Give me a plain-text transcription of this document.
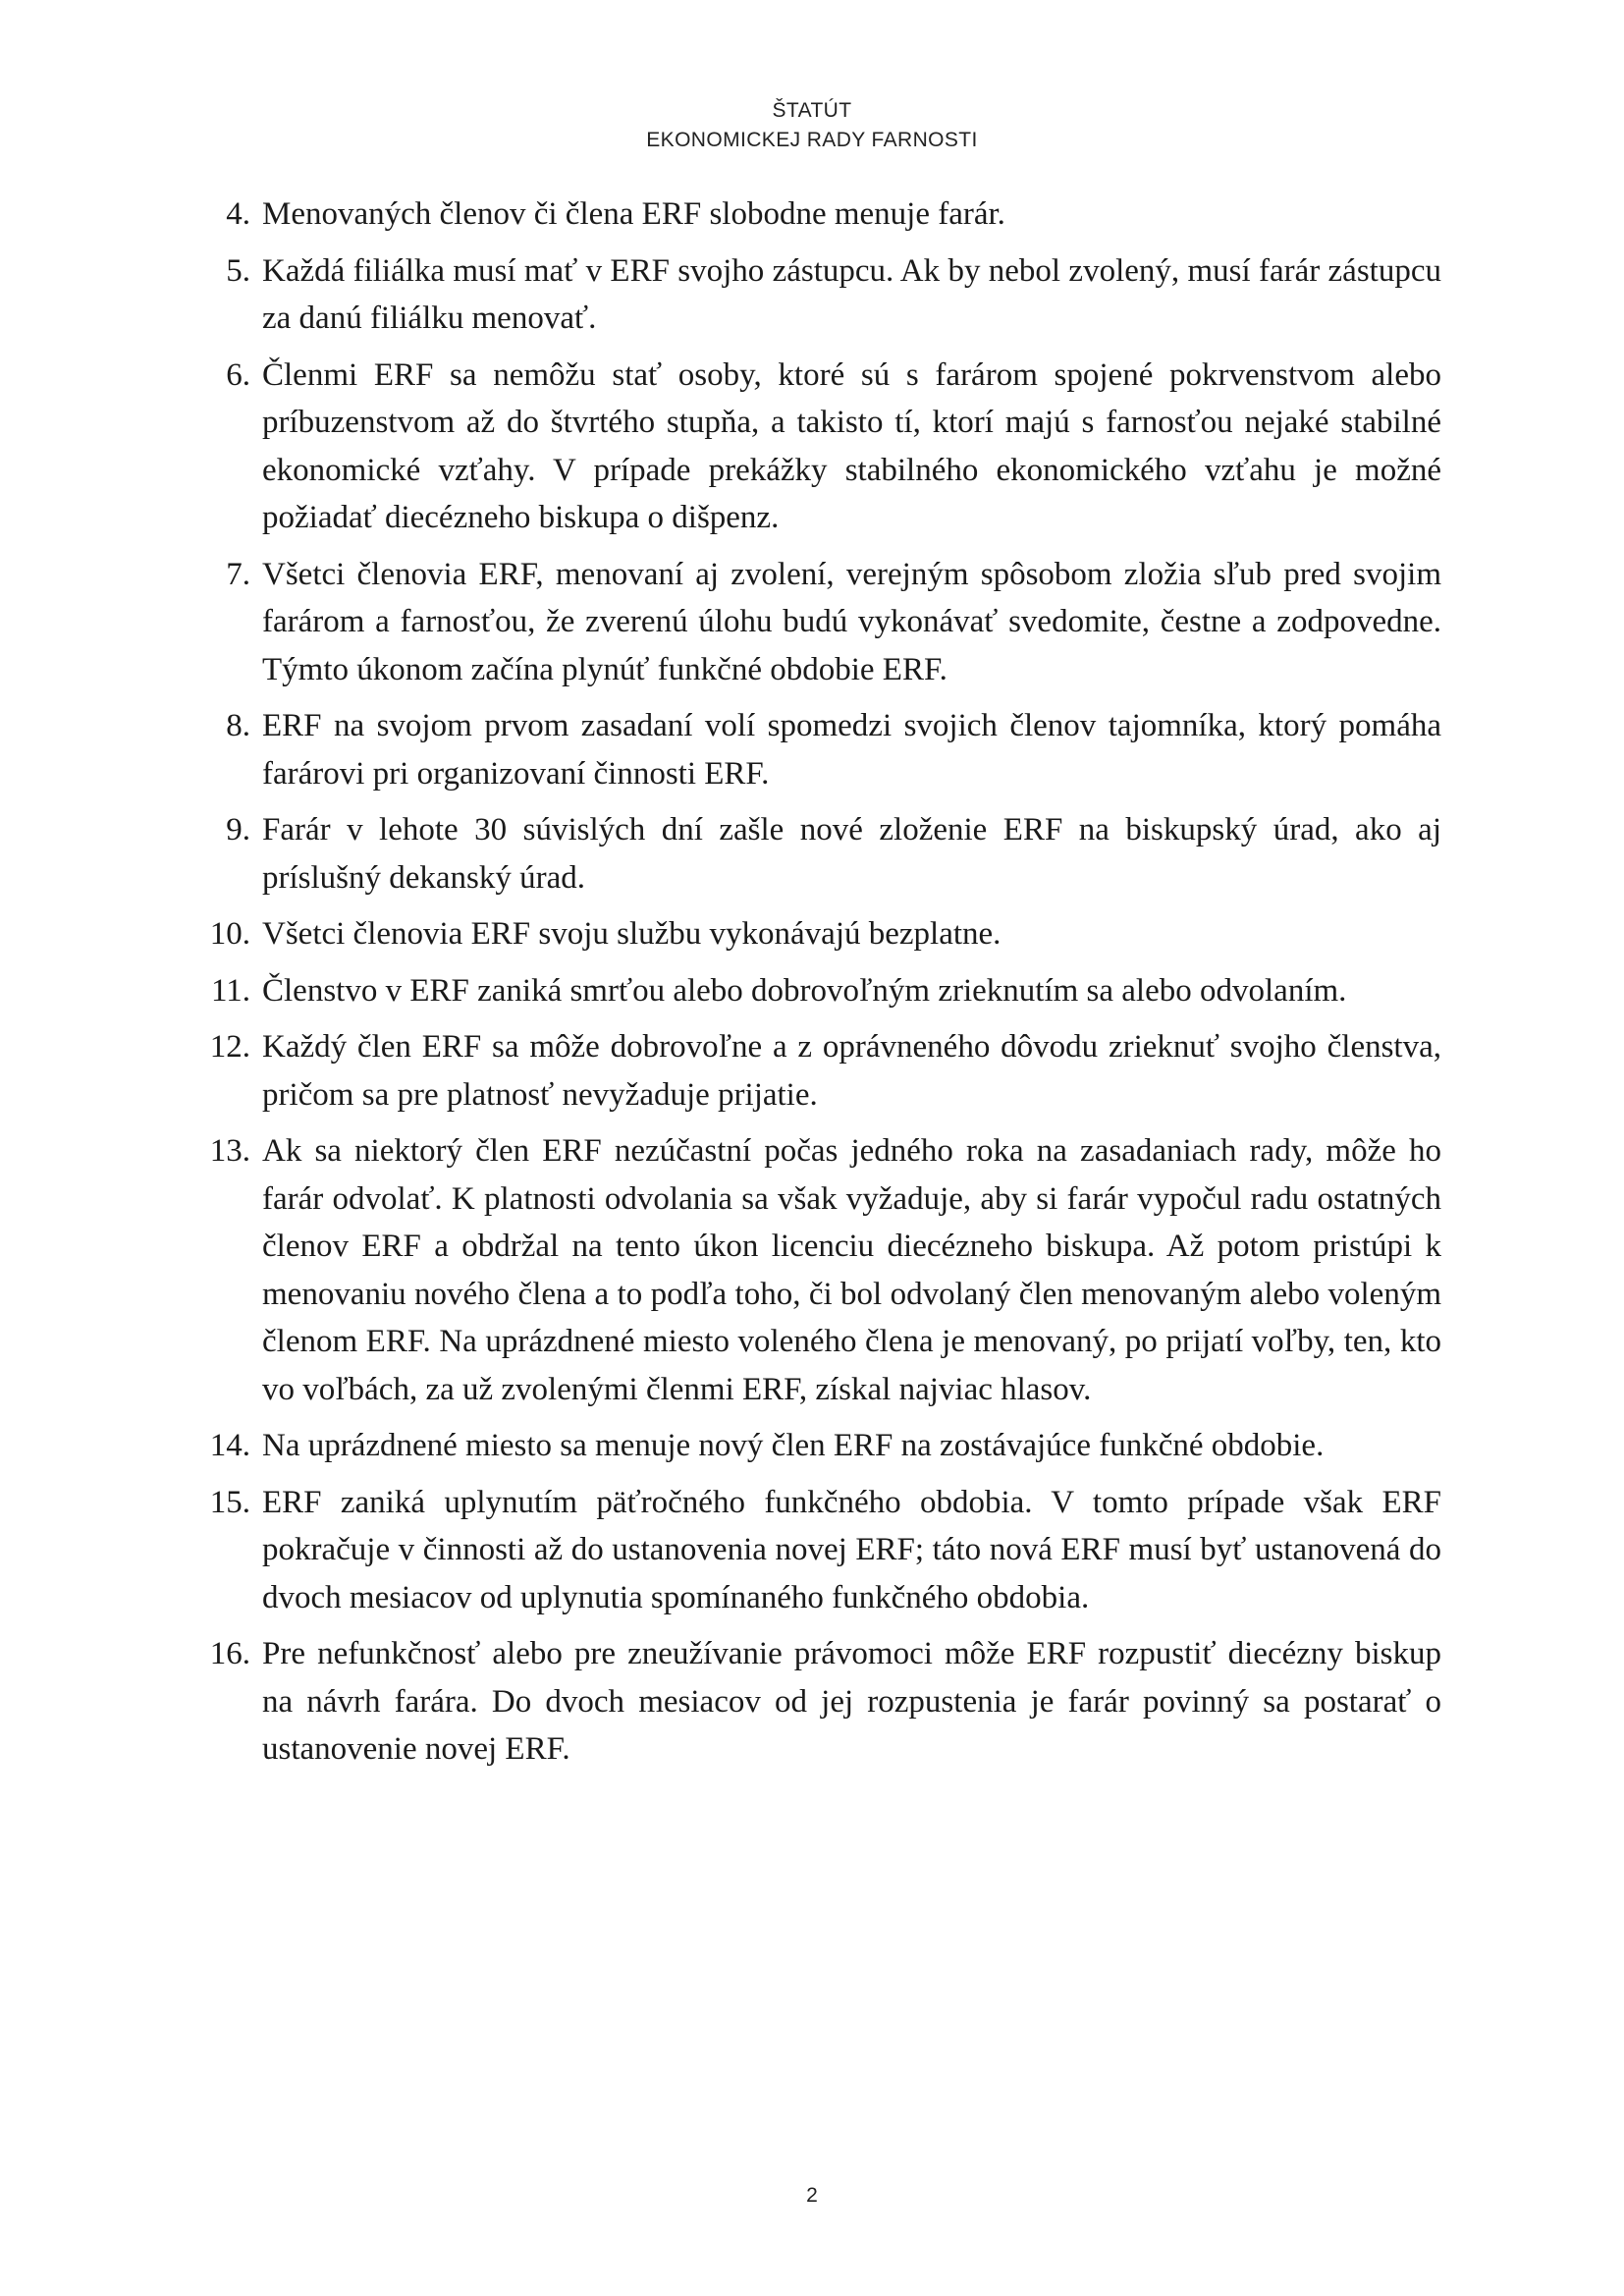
ŠTATÚT
EKONOMICKEJ RADY FARNOSTI
4. Menovaných členov či člena ERF slobodne menuje farár.
5. Každá filiálka musí mať v ERF svojho zástupcu. Ak by nebol zvolený, musí farár zástupcu za danú filiálku menovať.
6. Členmi ERF sa nemôžu stať osoby, ktoré sú s farárom spojené pokrvenstvom alebo príbuzenstvom až do štvrtého stupňa, a takisto tí, ktorí majú s farnosťou nejaké stabilné ekonomické vzťahy. V prípade prekážky stabilného ekonomického vzťahu je možné požiadať diecézneho biskupa o dišpenz.
7. Všetci členovia ERF, menovaní aj zvolení, verejným spôsobom zložia sľub pred svojim farárom a farnosťou, že zverenú úlohu budú vykonávať svedomite, čestne a zodpovedne. Týmto úkonom začína plynúť funkčné obdobie ERF.
8. ERF na svojom prvom zasadaní volí spomedzi svojich členov tajomníka, ktorý pomáha farárovi pri organizovaní činnosti ERF.
9. Farár v lehote 30 súvislých dní zašle nové zloženie ERF na biskupský úrad, ako aj príslušný dekanský úrad.
10. Všetci členovia ERF svoju službu vykonávajú bezplatne.
11. Členstvo v ERF zaniká smrťou alebo dobrovoľným zrieknutím sa alebo odvolaním.
12. Každý člen ERF sa môže dobrovoľne a z oprávneného dôvodu zrieknuť svojho členstva, pričom sa pre platnosť nevyžaduje prijatie.
13. Ak sa niektorý člen ERF nezúčastní počas jedného roka na zasadaniach rady, môže ho farár odvolať. K platnosti odvolania sa však vyžaduje, aby si farár vypočul radu ostatných členov ERF a obdržal na tento úkon licenciu diecézneho biskupa. Až potom pristúpi k menovaniu nového člena a to podľa toho, či bol odvolaný člen menovaným alebo voleným členom ERF. Na uprázdnené miesto voleného člena je menovaný, po prijatí voľby, ten, kto vo voľbách, za už zvolenými členmi ERF, získal najviac hlasov.
14. Na uprázdnené miesto sa menuje nový člen ERF na zostávajúce funkčné obdobie.
15. ERF zaniká uplynutím päťročného funkčného obdobia. V tomto prípade však ERF pokračuje v činnosti až do ustanovenia novej ERF; táto nová ERF musí byť ustanovená do dvoch mesiacov od uplynutia spomínaného funkčného obdobia.
16. Pre nefunkčnosť alebo pre zneužívanie právomoci môže ERF rozpustiť diecézny biskup na návrh farára. Do dvoch mesiacov od jej rozpustenia je farár povinný sa postarať o ustanovenie novej ERF.
2
